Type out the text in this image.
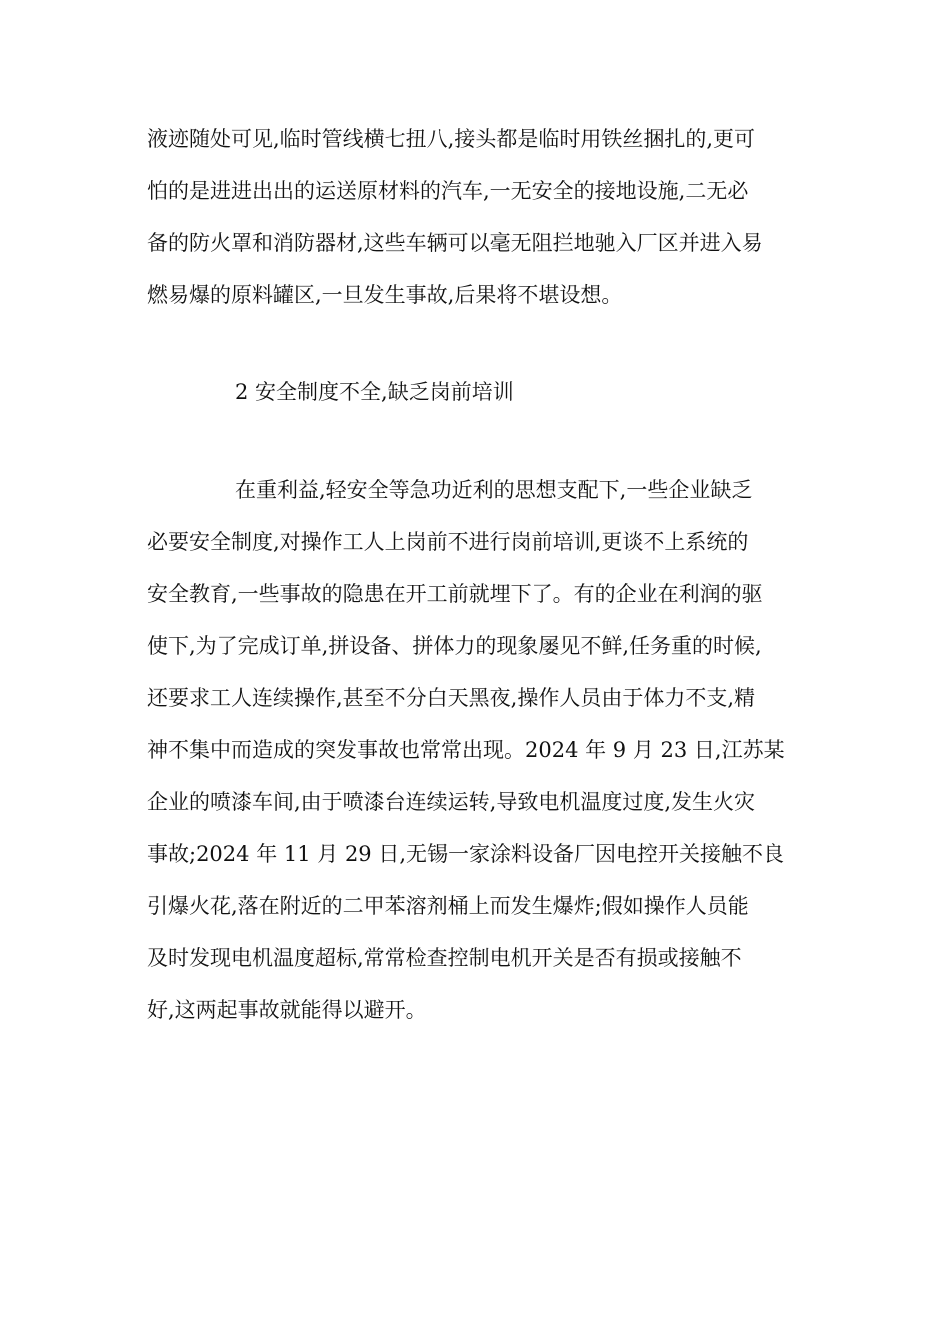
液迹随处可见,临时管线横七扭八,接头都是临时用铁丝捆扎的,更可
怕的是进进出出的运送原材料的汽车,一无安全的接地设施,二无必
备的防火罩和消防器材,这些车辆可以毫无阻拦地驰入厂区并进入易
燃易爆的原料罐区,一旦发生事故,后果将不堪设想。
2 安全制度不全,缺乏岗前培训
在重利益,轻安全等急功近利的思想支配下,一些企业缺乏
必要安全制度,对操作工人上岗前不进行岗前培训,更谈不上系统的
安全教育,一些事故的隐患在开工前就埋下了。有的企业在利润的驱
使下,为了完成订单,拼设备、拼体力的现象屡见不鲜,任务重的时候,
还要求工人连续操作,甚至不分白天黑夜,操作人员由于体力不支,精
神不集中而造成的突发事故也常常出现。2024 年 9 月 23 日,江苏某
企业的喷漆车间,由于喷漆台连续运转,导致电机温度过度,发生火灾
事故;2024 年 11 月 29 日,无锡一家涂料设备厂因电控开关接触不良
引爆火花,落在附近的二甲苯溶剂桶上而发生爆炸;假如操作人员能
及时发现电机温度超标,常常检查控制电机开关是否有损或接触不
好,这两起事故就能得以避开。
